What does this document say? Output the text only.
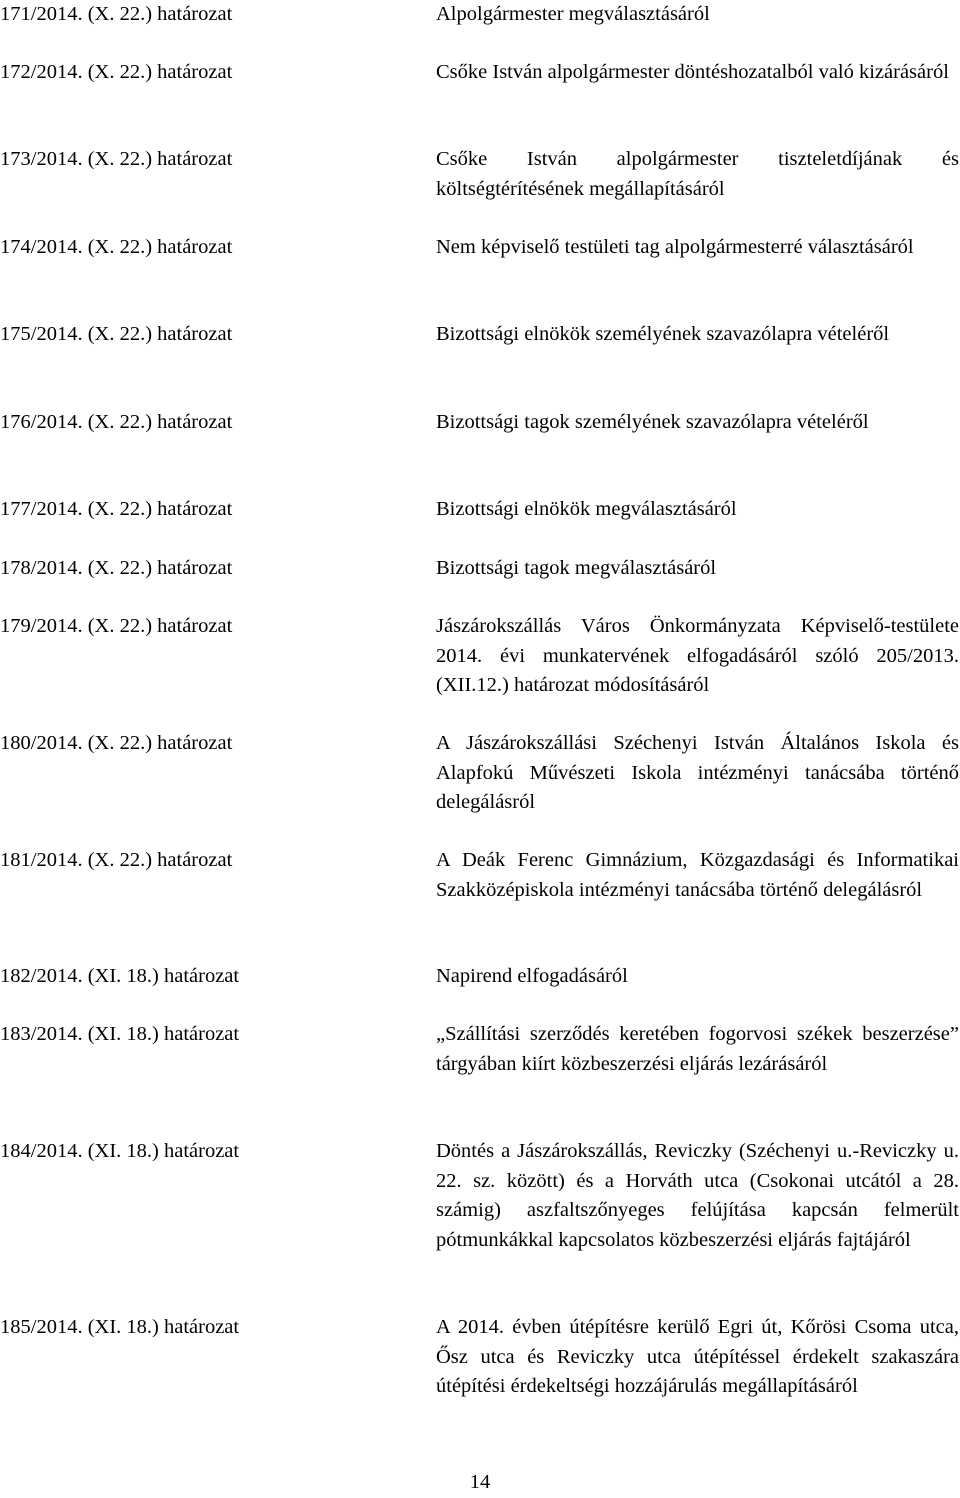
171/2014. (X. 22.) határozat	Alpolgármester megválasztásáról
172/2014. (X. 22.) határozat	Csőke István alpolgármester döntéshozatalból való kizárásáról
173/2014. (X. 22.) határozat	Csőke István alpolgármester tiszteletdíjának és költségtérítésének megállapításáról
174/2014. (X. 22.) határozat	Nem képviselő testületi tag alpolgármesterré választásáról
175/2014. (X. 22.) határozat	Bizottsági elnökök személyének szavazólapra vételéről
176/2014. (X. 22.) határozat	Bizottsági tagok személyének szavazólapra vételéről
177/2014. (X. 22.) határozat	Bizottsági elnökök megválasztásáról
178/2014. (X. 22.) határozat	Bizottsági tagok megválasztásáról
179/2014. (X. 22.) határozat	Jászárokszállás Város Önkormányzata Képviselő-testülete 2014. évi munkatervének elfogadásáról szóló 205/2013. (XII.12.) határozat módosításáról
180/2014. (X. 22.) határozat	A Jászárokszállási Széchenyi István Általános Iskola és Alapfokú Művészeti Iskola intézményi tanácsába történő delegálásról
181/2014. (X. 22.) határozat	A Deák Ferenc Gimnázium, Közgazdasági és Informatikai Szakközépiskola intézményi tanácsába történő delegálásról
182/2014. (XI. 18.) határozat	Napirend elfogadásáról
183/2014. (XI. 18.) határozat	„Szállítási szerződés keretében fogorvosi székek beszerzése” tárgyában kiírt közbeszerzési eljárás lezárásáról
184/2014. (XI. 18.) határozat	Döntés a Jászárokszállás, Reviczky (Széchenyi u.-Reviczky u. 22. sz. között) és a Horváth utca (Csokonai utcától a 28. számig) aszfaltszőnyeges felújítása kapcsán felmerült pótmunkákkal kapcsolatos közbeszerzési eljárás fajtájáról
185/2014. (XI. 18.) határozat	A 2014. évben útépítésre kerülő Egri út, Kőrösi Csoma utca, Ősz utca és Reviczky utca útépítéssel érdekelt szakaszára útépítési érdekeltségi hozzájárulás megállapításáról
14
